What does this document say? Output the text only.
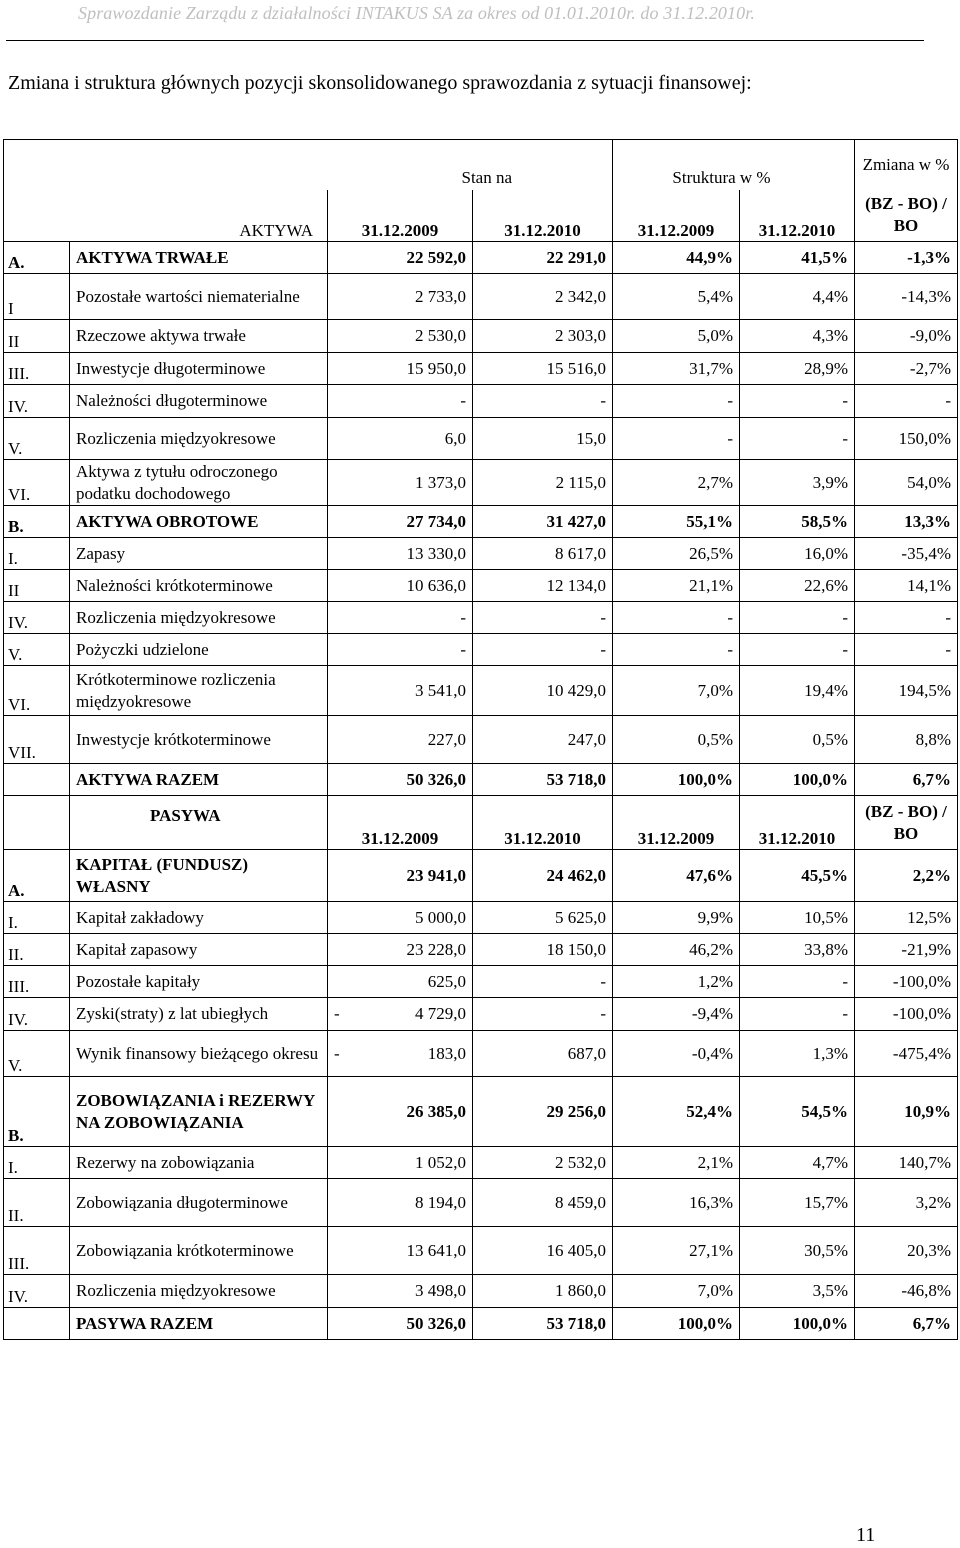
Sprawozdanie Zarządu z działalności INTAKUS SA za okres od 01.01.2010r. do 31.12.2010r.
Zmiana i struktura głównych pozycji skonsolidowanego sprawozdania z sytuacji finansowej:
		Stan na		Struktura w %		Zmiana w %
	AKTYWA	31.12.2009	31.12.2010	31.12.2009	31.12.2010	(BZ - BO) / BO
A.	AKTYWA TRWAŁE	22 592,0	22 291,0	44,9%	41,5%	-1,3%
I	Pozostałe wartości niematerialne	2 733,0	2 342,0	5,4%	4,4%	-14,3%
II	Rzeczowe aktywa trwałe	2 530,0	2 303,0	5,0%	4,3%	-9,0%
III.	Inwestycje długoterminowe	15 950,0	15 516,0	31,7%	28,9%	-2,7%
IV.	Należności długoterminowe	-	-	-	-	-
V.	Rozliczenia międzyokresowe	6,0	15,0	-	-	150,0%
VI.	Aktywa z tytułu odroczonego podatku dochodowego	1 373,0	2 115,0	2,7%	3,9%	54,0%
B.	AKTYWA OBROTOWE	27 734,0	31 427,0	55,1%	58,5%	13,3%
I.	Zapasy	13 330,0	8 617,0	26,5%	16,0%	-35,4%
II	Należności krótkoterminowe	10 636,0	12 134,0	21,1%	22,6%	14,1%
IV.	Rozliczenia międzyokresowe	-	-	-	-	-
V.	Pożyczki udzielone	-	-	-	-	-
VI.	Krótkoterminowe rozliczenia międzyokresowe	3 541,0	10 429,0	7,0%	19,4%	194,5%
VII.	Inwestycje krótkoterminowe	227,0	247,0	0,5%	0,5%	8,8%
	AKTYWA RAZEM	50 326,0	53 718,0	100,0%	100,0%	6,7%
	PASYWA	31.12.2009	31.12.2010	31.12.2009	31.12.2010	(BZ - BO) / BO
A.	KAPITAŁ (FUNDUSZ) WŁASNY	23 941,0	24 462,0	47,6%	45,5%	2,2%
I.	Kapitał zakładowy	5 000,0	5 625,0	9,9%	10,5%	12,5%
II.	Kapitał zapasowy	23 228,0	18 150,0	46,2%	33,8%	-21,9%
III.	Pozostałe kapitały	625,0	-	1,2%	-	-100,0%
IV.	Zyski(straty) z lat ubiegłych	- 4 729,0	-	-9,4%	-	-100,0%
V.	Wynik finansowy bieżącego okresu	- 183,0	687,0	-0,4%	1,3%	-475,4%
B.	ZOBOWIĄZANIA i REZERWY NA ZOBOWIĄZANIA	26 385,0	29 256,0	52,4%	54,5%	10,9%
I.	Rezerwy na zobowiązania	1 052,0	2 532,0	2,1%	4,7%	140,7%
II.	Zobowiązania długoterminowe	8 194,0	8 459,0	16,3%	15,7%	3,2%
III.	Zobowiązania krótkoterminowe	13 641,0	16 405,0	27,1%	30,5%	20,3%
IV.	Rozliczenia międzyokresowe	3 498,0	1 860,0	7,0%	3,5%	-46,8%
	PASYWA RAZEM	50 326,0	53 718,0	100,0%	100,0%	6,7%
11
